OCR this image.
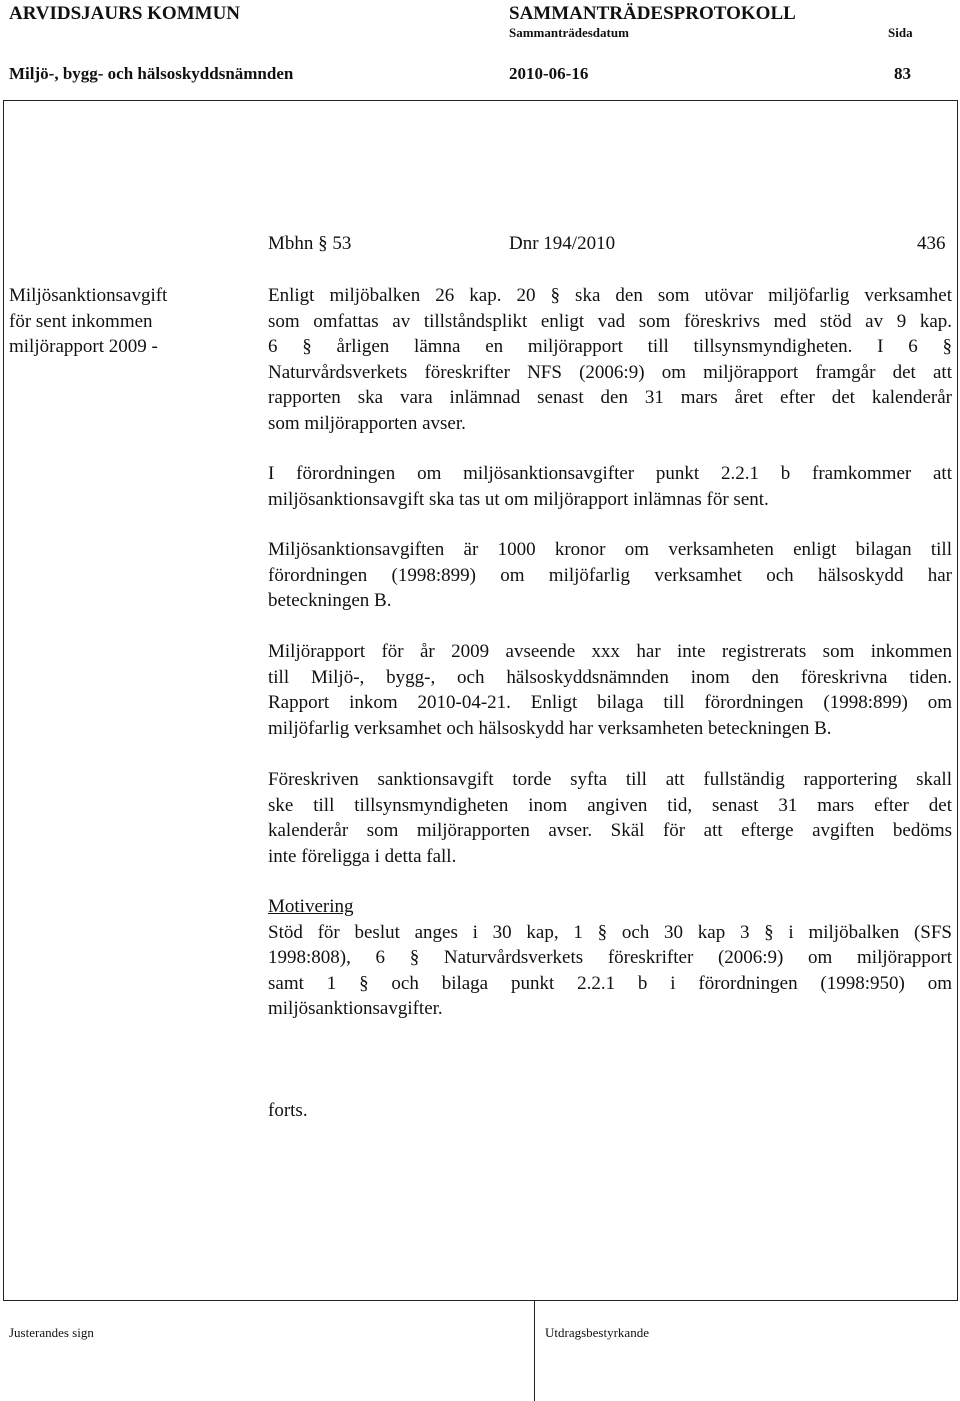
ARVIDSJAURS KOMMUN	SAMMANTRÄDESPROTOKOLL
Sammanträdesdatum	Sida
Miljö-, bygg- och hälsoskyddsnämnden	2010-06-16	83
Mbhn § 53	Dnr 194/2010	436
Miljösanktionsavgift
för sent inkommen
miljörapport 2009 -
Enligt miljöbalken 26 kap. 20 § ska den som utövar miljöfarlig verksamhet
som omfattas av tillståndsplikt enligt vad som föreskrivs med stöd av 9 kap.
6 § årligen lämna en miljörapport till tillsynsmyndigheten. I 6 §
Naturvårdsverkets föreskrifter NFS (2006:9) om miljörapport framgår det att
rapporten ska vara inlämnad senast den 31 mars året efter det kalenderår
som miljörapporten avser.
I förordningen om miljösanktionsavgifter punkt 2.2.1 b framkommer att
miljösanktionsavgift ska tas ut om miljörapport inlämnas för sent.
Miljösanktionsavgiften är 1000 kronor om verksamheten enligt bilagan till
förordningen (1998:899) om miljöfarlig verksamhet och hälsoskydd har
beteckningen B.
Miljörapport för år 2009 avseende xxx har inte registrerats som inkommen
till Miljö-, bygg-, och hälsoskyddsnämnden inom den föreskrivna tiden.
Rapport inkom 2010-04-21. Enligt bilaga till förordningen (1998:899) om
miljöfarlig verksamhet och hälsoskydd har verksamheten beteckningen B.
Föreskriven sanktionsavgift torde syfta till att fullständig rapportering skall
ske till tillsynsmyndigheten inom angiven tid, senast 31 mars efter det
kalenderår som miljörapporten avser. Skäl för att efterge avgiften bedöms
inte föreligga i detta fall.
Motivering
Stöd för beslut anges i 30 kap, 1 § och 30 kap 3 § i miljöbalken (SFS
1998:808), 6 § Naturvårdsverkets föreskrifter (2006:9) om miljörapport
samt 1 § och bilaga punkt 2.2.1 b i förordningen (1998:950) om
miljösanktionsavgifter.
forts.
Justerandes sign	Utdragsbestyrkande
